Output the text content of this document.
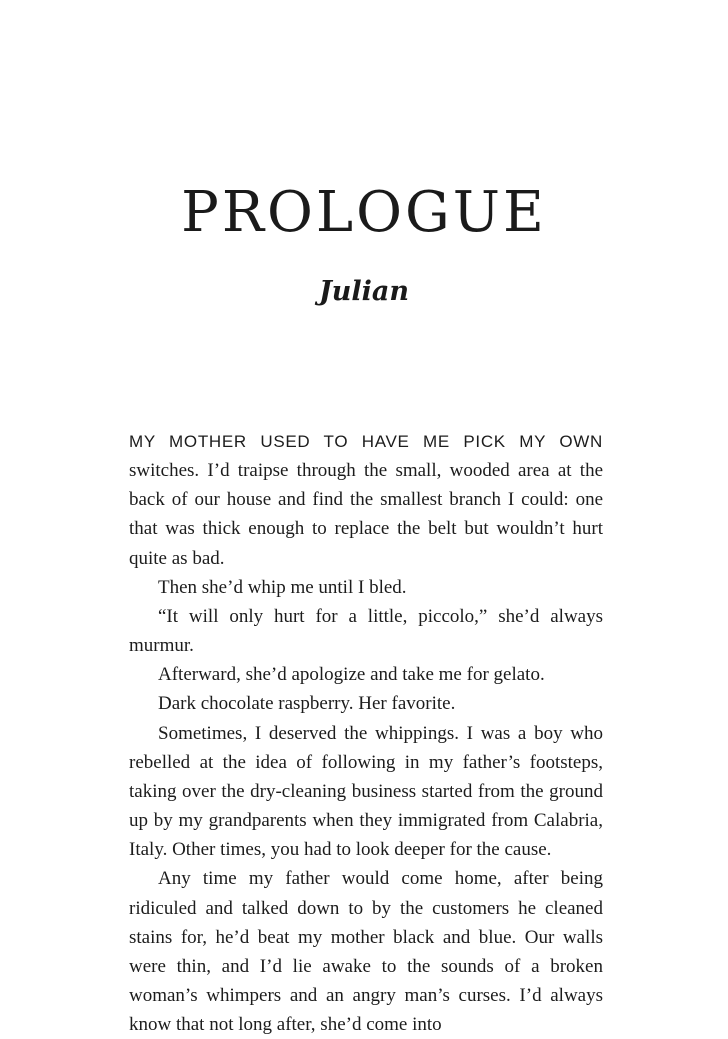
PROLOGUE
Julian

MY MOTHER USED TO HAVE ME PICK MY OWN switches. I’d traipse through the small, wooded area at the back of our house and find the smallest branch I could: one that was thick enough to replace the belt but wouldn’t hurt quite as bad.

Then she’d whip me until I bled.

“It will only hurt for a little, piccolo,” she’d always murmur.

Afterward, she’d apologize and take me for gelato.

Dark chocolate raspberry. Her favorite.

Sometimes, I deserved the whippings. I was a boy who rebelled at the idea of following in my father’s footsteps, taking over the dry-cleaning business started from the ground up by my grandparents when they immigrated from Calabria, Italy. Other times, you had to look deeper for the cause.

Any time my father would come home, after being ridiculed and talked down to by the customers he cleaned stains for, he’d beat my mother black and blue. Our walls were thin, and I’d lie awake to the sounds of a broken woman’s whimpers and an angry man’s curses. I’d always know that not long after, she’d come into
